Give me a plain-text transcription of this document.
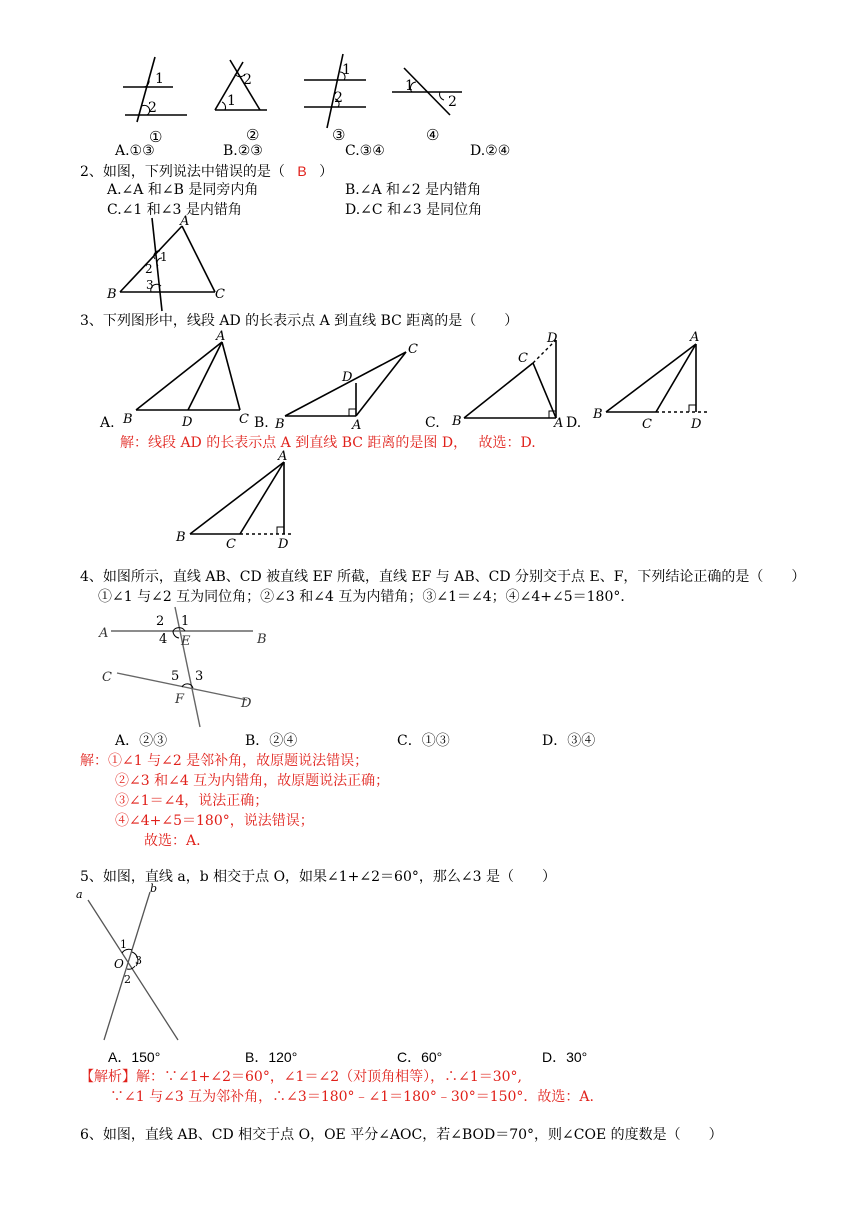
1
2
2
1
1
2
1
2
①	②	③	④
A.①③	B.②③	C.③④	D.②④
2、如图，下列说法中错误的是（ B ）
A.∠A 和∠B 是同旁内角	B.∠A 和∠2 是内错角
C.∠1 和∠3 是内错角	D.∠C 和∠3 是同位角
A
B	C
1
2
3
3、下列图形中，线段 AD 的长表示点 A 到直线 BC 距离的是（　　）
A.
A
B	D	C B.
C
D
B	A	C.
D
C
B	A D.
A
B
C	D
解：线段 AD 的长表示点 A 到直线 BC 距离的是图 D，　 故选：D.
A
B	C	D
4、如图所示，直线 AB、CD 被直线 EF 所截，直线 EF 与 AB、CD 分别交于点 E、F，下列结论正确的是（　　）
①∠1 与∠2 互为同位角；②∠3 和∠4 互为内错角；③∠1＝∠4；④∠4+∠5＝180°．
A	B
C
D
E
F
1
2
3
4
5
A．②③	B．②④	C．①③	D．③④
解：①∠1 与∠2 是邻补角，故原题说法错误；
②∠3 和∠4 互为内错角，故原题说法正确；
③∠1＝∠4，说法正确；
④∠4+∠5＝180°，说法错误；
故选：A.
5、如图，直线 a，b 相交于点 O，如果∠1+∠2＝60°，那么∠3 是（　　）
a	b
O
1
2
3
A．150°	B．120°	C．60°	D．30°
【解析】解：∵∠1+∠2＝60°，∠1＝∠2（对顶角相等），∴∠1＝30°,
∵∠1 与∠3 互为邻补角，∴∠3＝180°﹣∠1＝180°﹣30°＝150°．故选：A.
6、如图，直线 AB、CD 相交于点 O，OE 平分∠AOC，若∠BOD＝70°，则∠COE 的度数是（　　）
